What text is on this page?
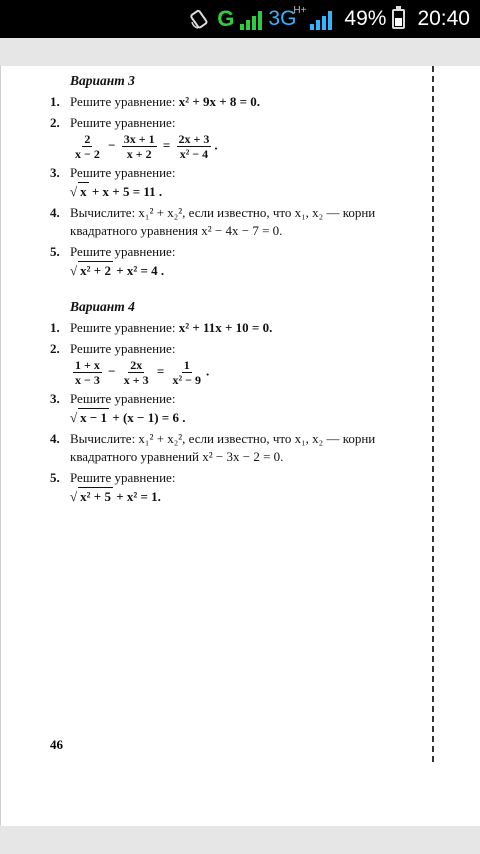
G 3G
H+ 49% 20:40
Вариант 3
1. Решите уравнение: x² + 9x + 8 = 0.
2. Решите уравнение:

$\frac{2}{x - 2} - \frac{3x + 1}{x + 2} = \frac{2x + 3}{\text{x² − 4}}$ .
3. Решите уравнение:
√ x + x + 5 = 11 .
4. Вычислите: x₁² + x₂², если известно, что x₁, x₂ — корни
квадратного уравнения x² − 4x − 7 = 0.
5. Решите уравнение:
√ x² + 2 + x² = 4 .
Вариант 4
1. Решите уравнение: x² + 11x + 10 = 0.
2. Решите уравнение:

$\frac{1 + x}{x - 3} - \frac{2x}{x + 3} = \frac{1}{\text{x² − 9}}$ .
3. Решите уравнение:
√ x − 1 + (x − 1) = 6 .
4. Вычислите: x₁² + x₂², если известно, что x₁, x₂ — корни
квадратного уравнений x² − 3x − 2 = 0.
5. Решите уравнение:
√ x² + 5 + x² = 1.
46
